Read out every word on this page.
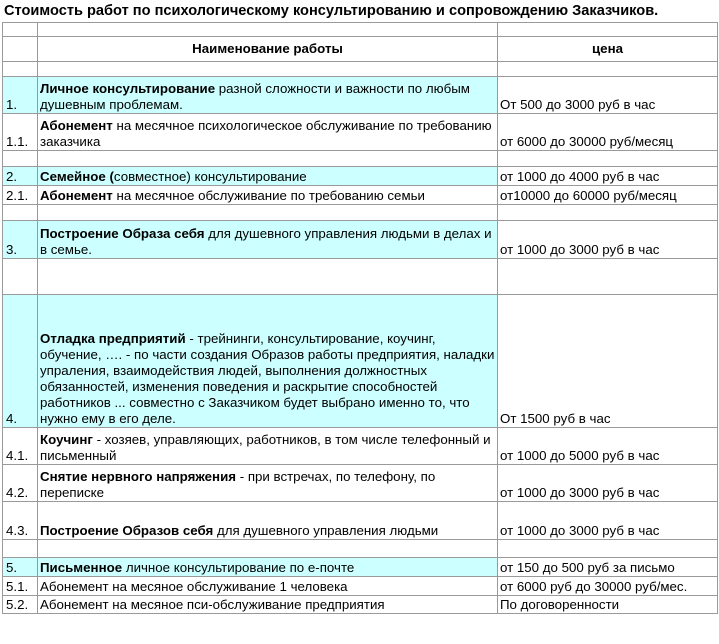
Стоимость работ по психологическому консультированию и сопровождению Заказчиков.

	Наименование работы	цена

1.	Личное консультирование разной сложности и важности по любым душевным проблемам.	От 500 до 3000 руб в час
1.1.	Абонемент на месячное психологическое обслуживание по требованию заказчика	от 6000 до 30000 руб/месяц

2.	Семейное (совместное) консультирование	от 1000 до 4000 руб в час
2.1.	Абонемент на месячное обслуживание по требованию семьи	от10000 до 60000 руб/месяц

3.	Построение Образа себя для душевного управления людьми в делах и в семье.	от 1000 до 3000 руб в час

4.	Отладка предприятий - трейнинги, консультирование, коучинг, обучение, …. - по части создания Образов работы предприятия, наладки упраления, взаимодействия людей, выполнения должностных обязанностей, изменения поведения и раскрытие способностей работников ... совместно с Заказчиком будет выбрано именно то, что нужно ему в его деле.	От 1500 руб в час
4.1.	Коучинг - хозяев, управляющих, работников, в том числе телефонный и письменный	от 1000 до 5000 руб в час
4.2.	Снятие нервного напряжения - при встречах, по телефону, по переписке	от 1000 до 3000 руб в час
4.3.	Построение Образов себя для душевного управления людьми	от 1000 до 3000 руб в час

5.	Письменное личное консультирование по е-почте	от 150 до 500 руб за письмо
5.1.	Абонемент на месяное обслуживание 1 человека	от 6000 руб до 30000 руб/мес.
5.2.	Абонемент на месяное пси-обслуживание предприятия	По договоренности
